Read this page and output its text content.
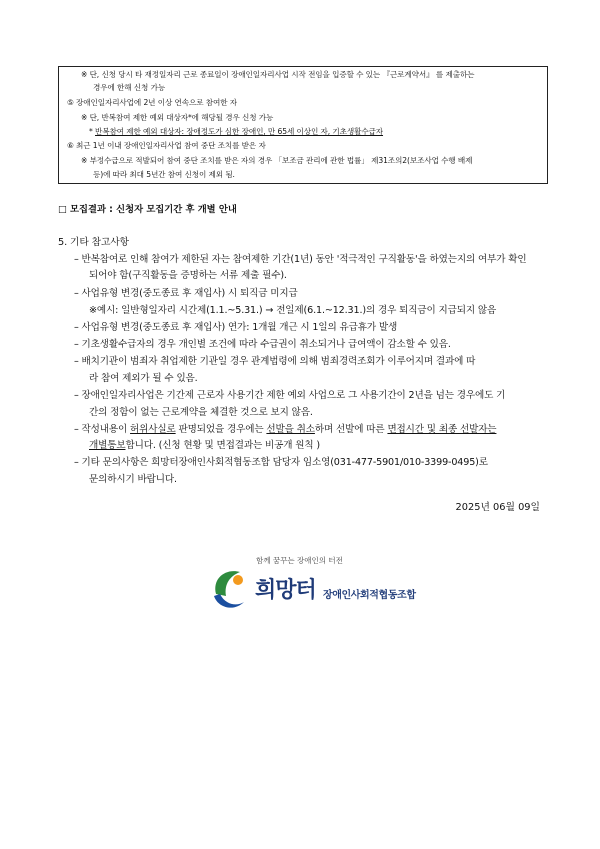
※ 단, 신청 당시 타 재정일자리 근로 종료일이 장애인일자리사업 시작 전임을 입증할 수 있는 『근로계약서』 를 제출하는
경우에 한해 신청 가능
⑤ 장애인일자리사업에 2년 이상 연속으로 참여한 자
※ 단, 반복참여 제한 예외 대상자*에 해당될 경우 신청 가능
* 반복참여 제한 예외 대상자: 장애정도가 심한 장애인, 만 65세 이상인 자, 기초생활수급자
⑥ 최근 1년 이내 장애인일자리사업 참여 중단 조치를 받은 자
※ 부정수급으로 적발되어 참여 중단 조치를 받은 자의 경우 「보조금 관리에 관한 법률」 제31조의2(보조사업 수행 배제
등)에 따라 최대 5년간 참여 신청이 제외 됨.
□ 모집결과 : 신청자 모집기간 후 개별 안내
5. 기타 참고사항
– 반복참여로 인해 참여가 제한된 자는 참여제한 기간(1년) 동안 '적극적인 구직활동'을 하였는지의 여부가 확인
되어야 함(구직활동을 증명하는 서류 제출 필수).
– 사업유형 변경(중도종료 후 재입사) 시 퇴직금 미지급
※예시: 일반형일자리 시간제(1.1.~5.31.) → 전일제(6.1.~12.31.)의 경우 퇴직금이 지급되지 않음
– 사업유형 변경(중도종료 후 재입사) 연가: 1개월 개근 시 1일의 유급휴가 발생
– 기초생활수급자의 경우 개인별 조건에 따라 수급권이 취소되거나 급여액이 감소할 수 있음.
– 배치기관이 범죄자 취업제한 기관일 경우 관계법령에 의해 범죄경력조회가 이루어지며 결과에 따
라 참여 제외가 될 수 있음.
– 장애인일자리사업은 기간제 근로자 사용기간 제한 예외 사업으로 그 사용기간이 2년을 넘는 경우에도 기
간의 정함이 없는 근로계약을 체결한 것으로 보지 않음.
– 작성내용이 허위사실로 판명되었을 경우에는 선발을 취소하며 선발에 따른 면접시간 및 최종 선발자는
개별통보합니다. (신청 현황 및 면접결과는 비공개 원칙 )
– 기타 문의사항은 희망터장애인사회적협동조합 담당자 임소영(031-477-5901/010-3399-0495)로
문의하시기 바랍니다.
2025년 06월 09일
함께 꿈꾸는 장애인의 터전
희망터 장애인사회적협동조합
